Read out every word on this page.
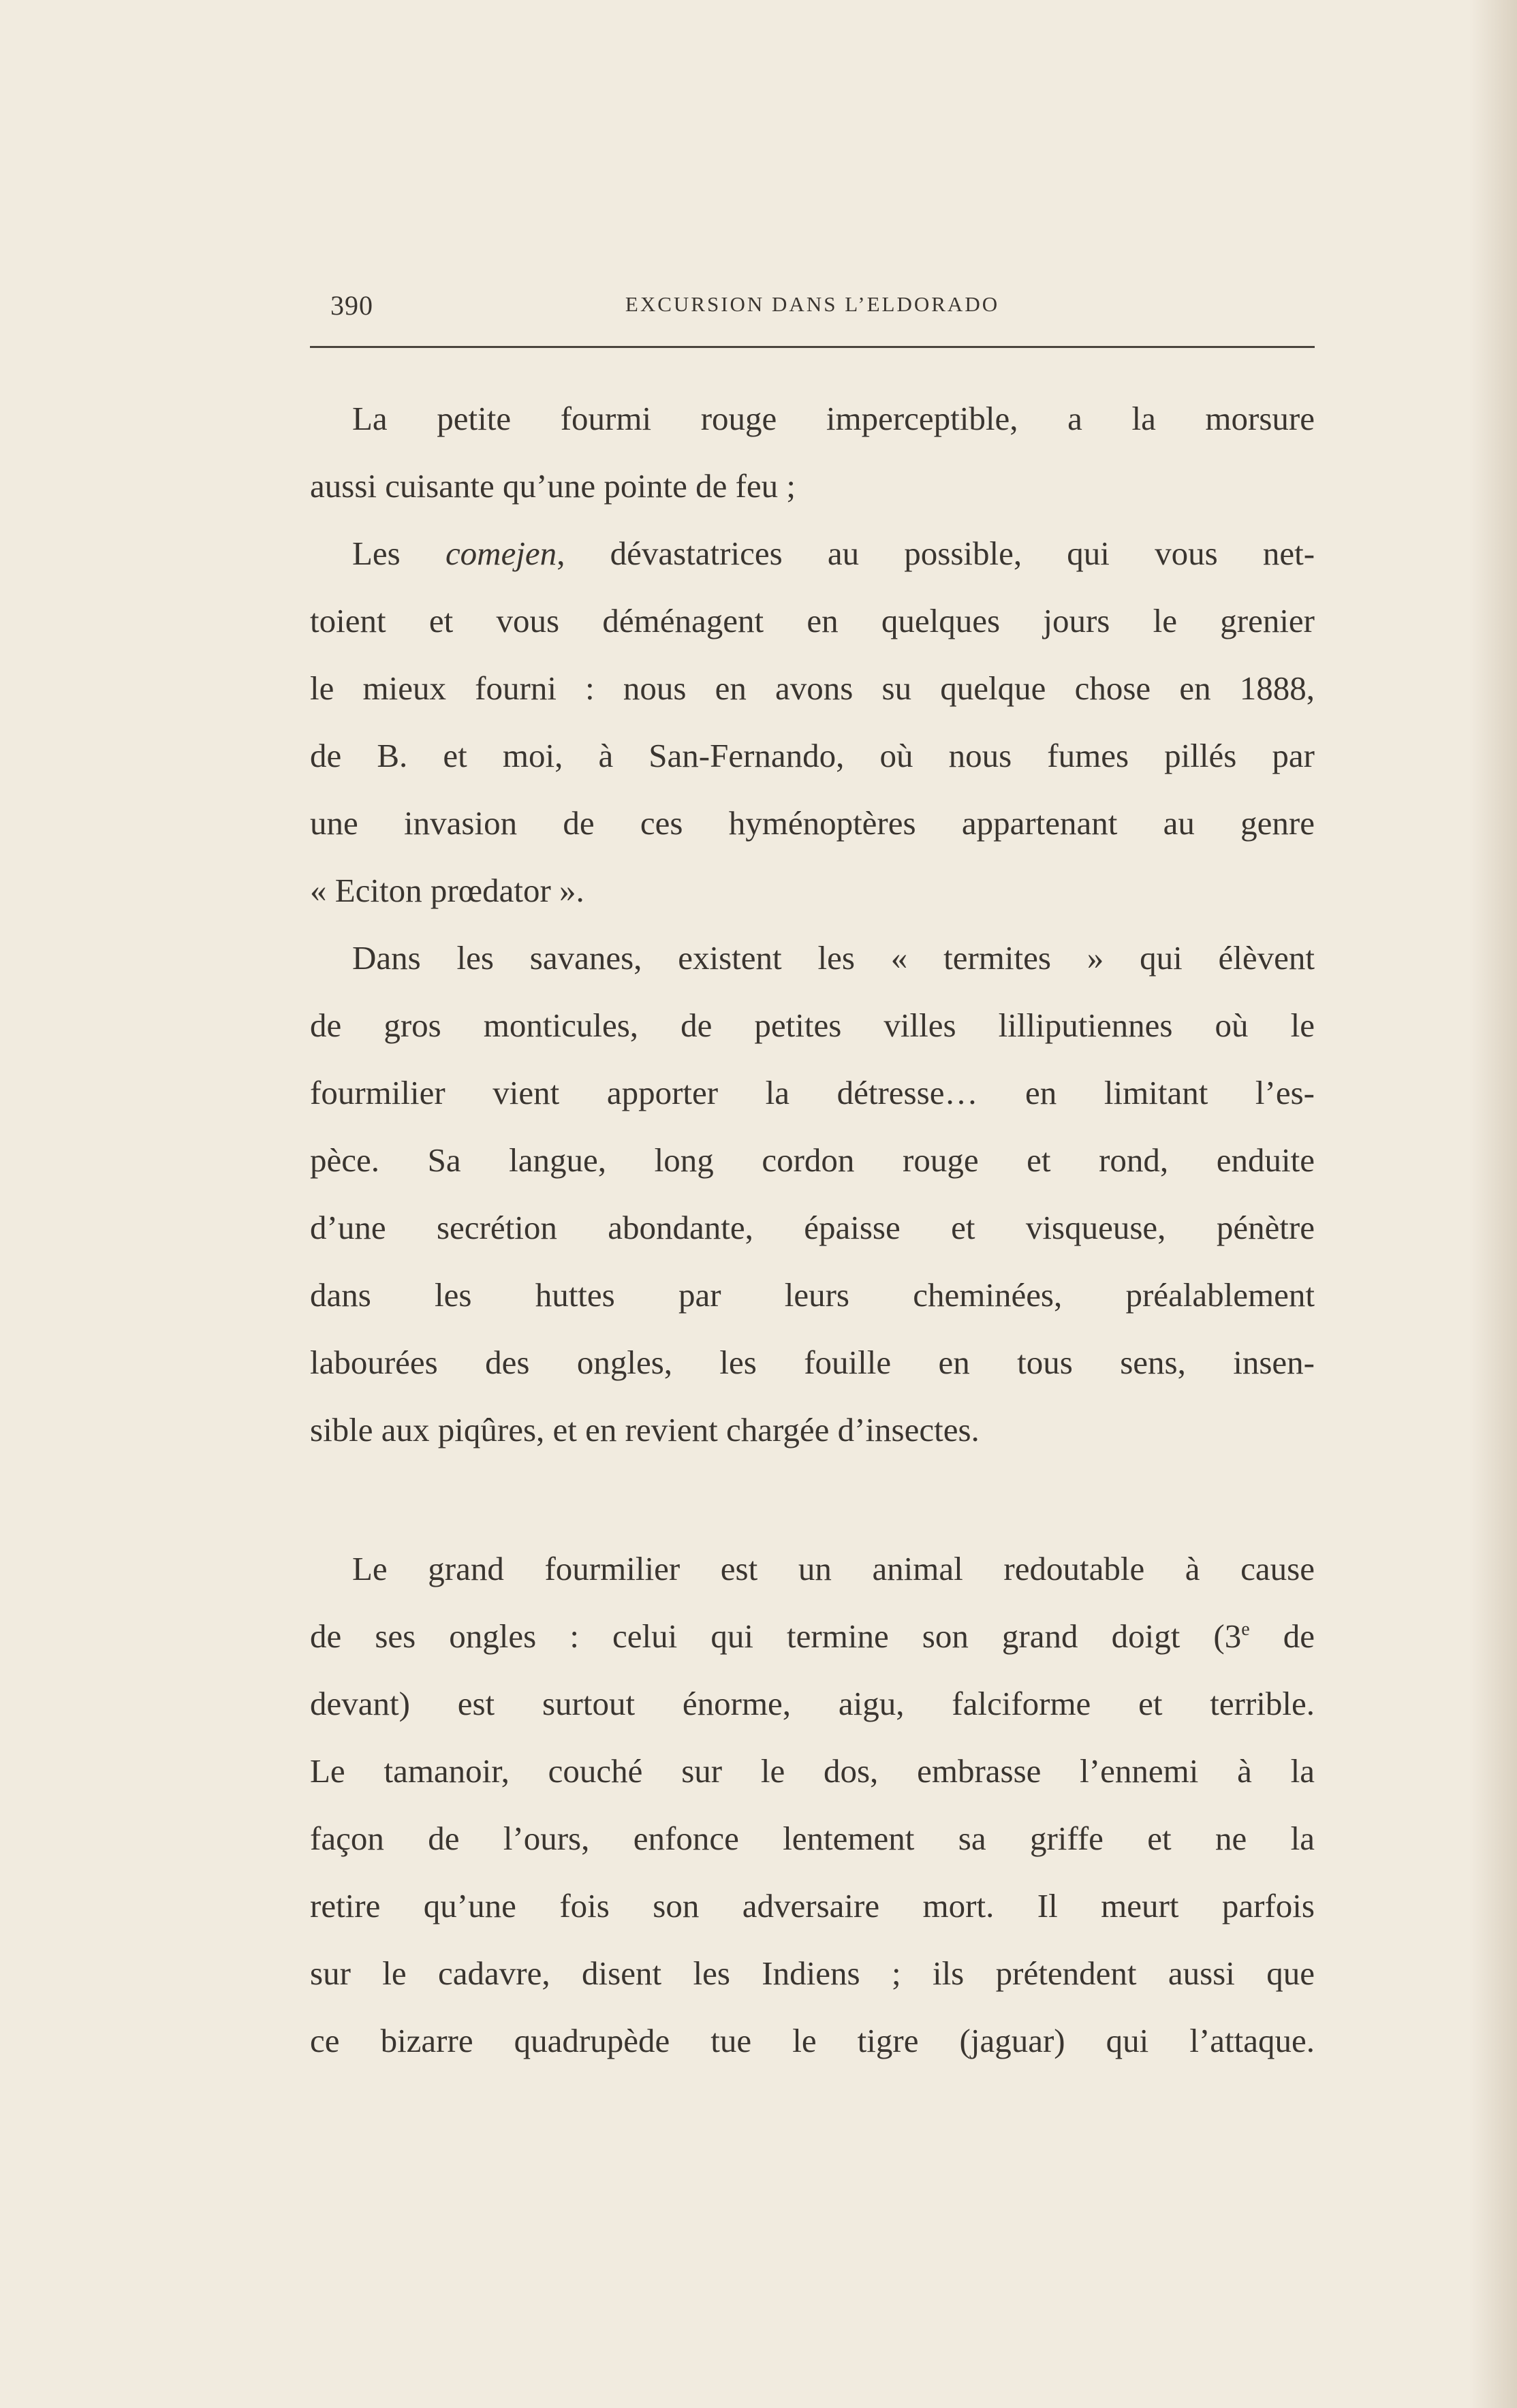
390	EXCURSION DANS L’ELDORADO
La petite fourmi rouge imperceptible, a la morsure
aussi cuisante qu’une pointe de feu ;
Les comejen, dévastatrices au possible, qui vous net-
toient et vous déménagent en quelques jours le grenier
le mieux fourni : nous en avons su quelque chose en 1888,
de B. et moi, à San-Fernando, où nous fumes pillés par
une invasion de ces hyménoptères appartenant au genre
« Eciton prœdator ».
Dans les savanes, existent les « termites » qui élèvent
de gros monticules, de petites villes lilliputiennes où le
fourmilier vient apporter la détresse… en limitant l’es-
pèce. Sa langue, long cordon rouge et rond, enduite
d’une secrétion abondante, épaisse et visqueuse, pénètre
dans les huttes par leurs cheminées, préalablement
labourées des ongles, les fouille en tous sens, insen-
sible aux piqûres, et en revient chargée d’insectes.
Le grand fourmilier est un animal redoutable à cause
de ses ongles : celui qui termine son grand doigt (3e de
devant) est surtout énorme, aigu, falciforme et terrible.
Le tamanoir, couché sur le dos, embrasse l’ennemi à la
façon de l’ours, enfonce lentement sa griffe et ne la
retire qu’une fois son adversaire mort. Il meurt parfois
sur le cadavre, disent les Indiens ; ils prétendent aussi que
ce bizarre quadrupède tue le tigre (jaguar) qui l’attaque.
